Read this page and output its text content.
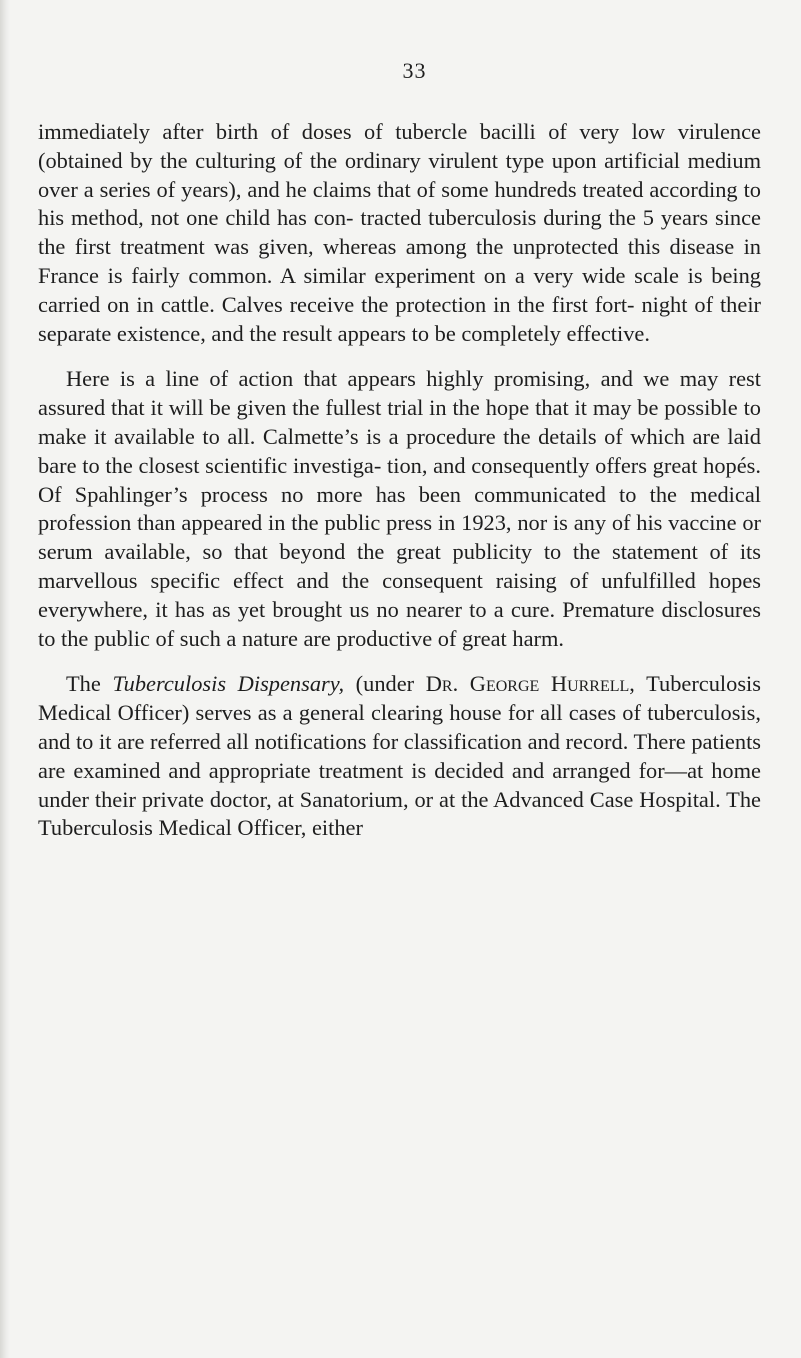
33

immediately after birth of doses of tubercle bacilli of very low virulence (obtained by the culturing of the ordinary virulent type upon artificial medium over a series of years), and he claims that of some hundreds treated according to his method, not one child has con- tracted tuberculosis during the 5 years since the first treatment was given, whereas among the unprotected this disease in France is fairly common. A similar experiment on a very wide scale is being carried on in cattle. Calves receive the protection in the first fort- night of their separate existence, and the result appears to be completely effective.

Here is a line of action that appears highly promising, and we may rest assured that it will be given the fullest trial in the hope that it may be possible to make it available to all. Calmette’s is a procedure the details of which are laid bare to the closest scientific investiga- tion, and consequently offers great hopés. Of Spahlinger’s process no more has been communicated to the medical profession than appeared in the public press in 1923, nor is any of his vaccine or serum available, so that beyond the great publicity to the statement of its marvellous specific effect and the consequent raising of unfulfilled hopes everywhere, it has as yet brought us no nearer to a cure. Premature disclosures to the public of such a nature are productive of great harm.

The Tuberculosis Dispensary, (under Dr. George Hurrell, Tuberculosis Medical Officer) serves as a general clearing house for all cases of tuberculosis, and to it are referred all notifications for classification and record. There patients are examined and appropriate treatment is decided and arranged for—at home under their private doctor, at Sanatorium, or at the Advanced Case Hospital. The Tuberculosis Medical Officer, either
